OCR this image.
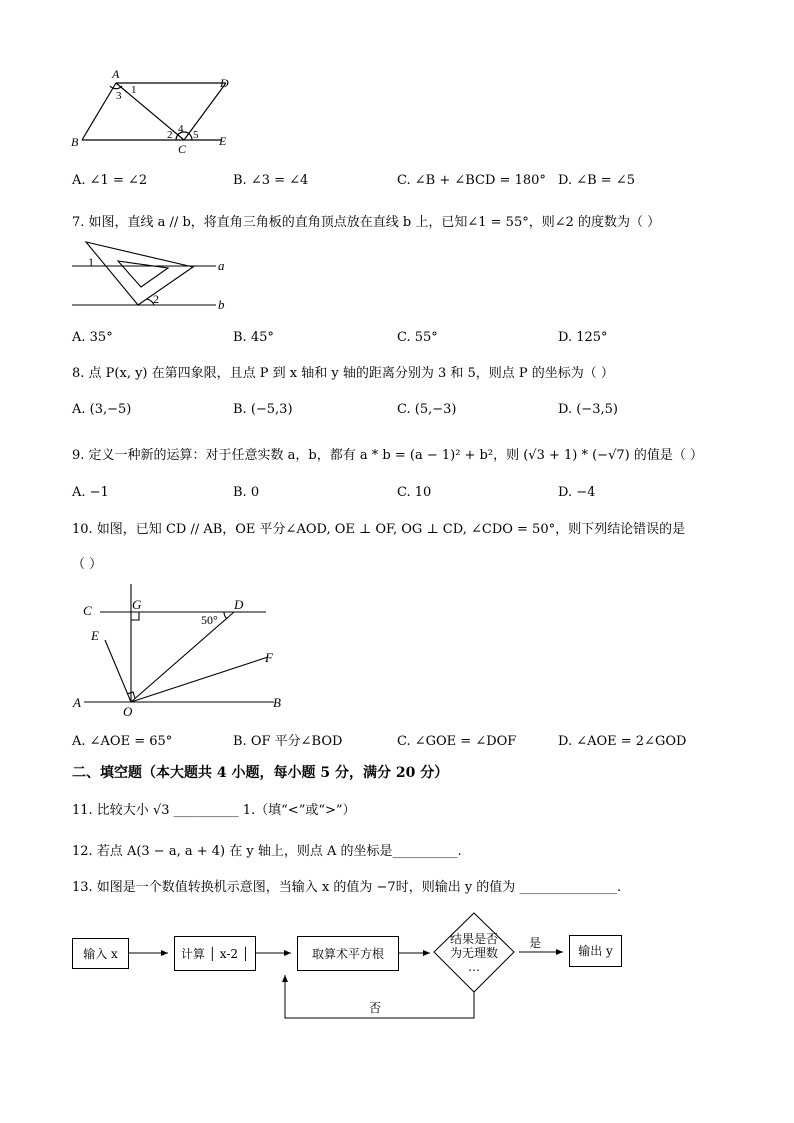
A
D
B	C
E
1
2
3
4 5
A. ∠1 = ∠2	B. ∠3 = ∠4	C. ∠B + ∠BCD = 180° D. ∠B = ∠5
7. 如图，直线 a // b，将直角三角板的直角顶点放在直线 b 上，已知∠1 = 55°，则∠2 的度数为（ ）
1
2
a
b
A. 35°	B. 45°	C. 55°	D. 125°
8. 点 P(x, y) 在第四象限，且点 P 到 x 轴和 y 轴的距离分别为 3 和 5，则点 P 的坐标为（ ）
A. (3,−5)	B. (−5,3)	C. (5,−3)	D. (−3,5)
9. 定义一种新的运算：对于任意实数 a，b，都有 a * b = (a − 1)² + b²，则 (√3 + 1) * (−√7) 的值是（ ）
A. −1	B. 0	C. 10	D. −4
10. 如图，已知 CD // AB，OE 平分∠AOD, OE ⊥ OF, OG ⊥ CD, ∠CDO = 50°，则下列结论错误的是
（ ）
C	G	D
E
F
A
O
B
50°
A. ∠AOE = 65°	B. OF 平分∠BOD	C. ∠GOE = ∠DOF	D. ∠AOE = 2∠GOD
二、填空题（本大题共 4 小题，每小题 5 分，满分 20 分）
11. 比较大小 √3 __________ 1.（填“<”或“>”）
12. 若点 A(3 − a, a + 4) 在 y 轴上，则点 A 的坐标是__________.
13. 如图是一个数值转换机示意图，当输入 x 的值为 −7时，则输出 y 的值为 _______________.
输入 x	计算 │ x-2 │	取算术平方根
结果是否
为无理数
…
是
输出 y
否
